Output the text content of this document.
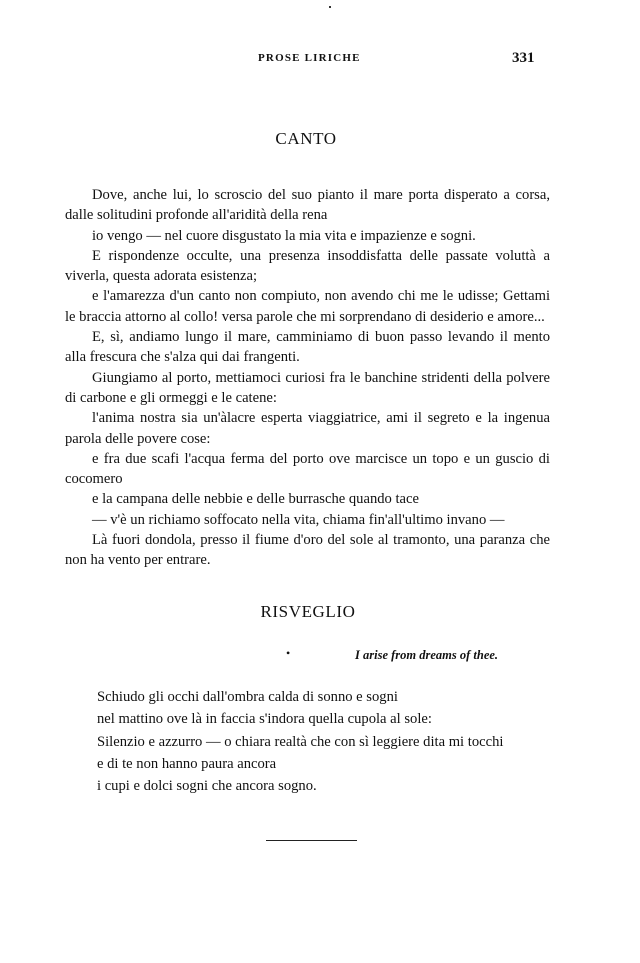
PROSE LIRICHE	331
CANTO

Dove, anche lui, lo scroscio del suo pianto il mare porta disperato a corsa, dalle solitudini profonde all'aridità della rena

io vengo — nel cuore disgustato la mia vita e impazienze e sogni.

E rispondenze occulte, una presenza insoddisfatta delle passate voluttà a viverla, questa adorata esistenza;

e l'amarezza d'un canto non compiuto, non avendo chi me le udisse; Gettami le braccia attorno al collo! versa parole che mi sorprendano di desiderio e amore...

E, sì, andiamo lungo il mare, camminiamo di buon passo levando il mento alla frescura che s'alza qui dai frangenti.

Giungiamo al porto, mettiamoci curiosi fra le banchine stridenti della polvere di carbone e gli ormeggi e le catene:

l'anima nostra sia un'àlacre esperta viaggiatrice, ami il segreto e la ingenua parola delle povere cose:

e fra due scafi l'acqua ferma del porto ove marcisce un topo e un guscio di cocomero

e la campana delle nebbie e delle burrasche quando tace

— v'è un richiamo soffocato nella vita, chiama fin'all'ultimo invano —

Là fuori dondola, presso il fiume d'oro del sole al tramonto, una paranza che non ha vento per entrare.

RISVEGLIO
•	I arise from dreams of thee.
Schiudo gli occhi dall'ombra calda di sonno e sogni
nel mattino ove là in faccia s'indora quella cupola al sole:
Silenzio e azzurro — o chiara realtà che con sì leggiere dita mi tocchi
e di te non hanno paura ancora
i cupi e dolci sogni che ancora sogno.
